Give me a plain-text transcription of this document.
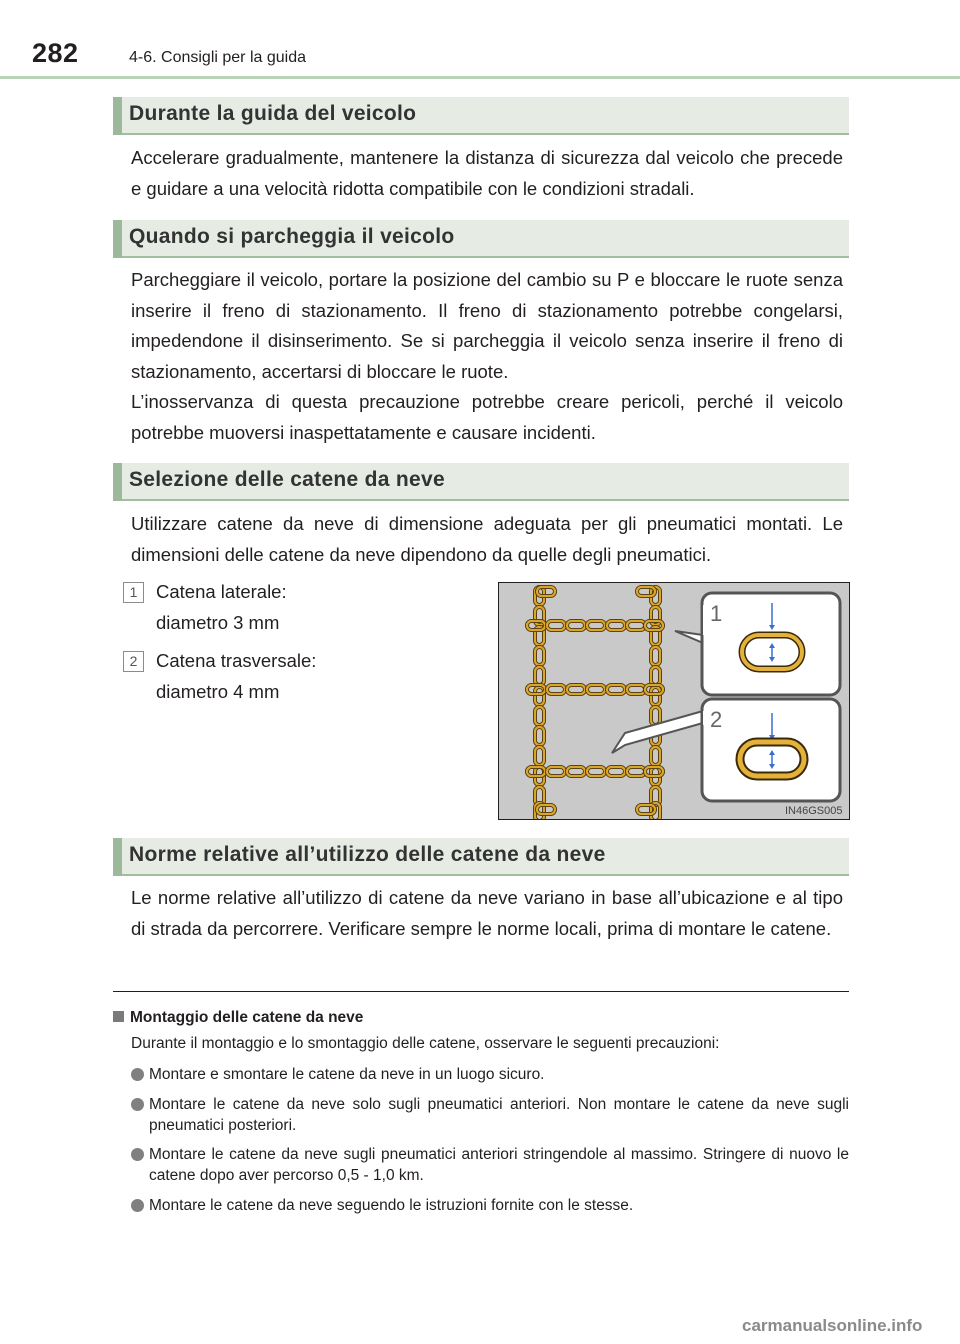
282	4-6. Consigli per la guida
Durante la guida del veicolo

Accelerare gradualmente, mantenere la distanza di sicurezza dal veicolo che precede e guidare a una velocità ridotta compatibile con le condizioni stradali.

Quando si parcheggia il veicolo

Parcheggiare il veicolo, portare la posizione del cambio su P e bloccare le ruote senza inserire il freno di stazionamento. Il freno di stazionamento potrebbe congelarsi, impedendone il disinserimento. Se si parcheggia il veicolo senza inserire il freno di stazionamento, accertarsi di bloccare le ruote.

L’inosservanza di questa precauzione potrebbe creare pericoli, perché il veicolo potrebbe muoversi inaspettatamente e causare incidenti.

Selezione delle catene da neve

Utilizzare catene da neve di dimensione adeguata per gli pneumatici montati. Le dimensioni delle catene da neve dipendono da quelle degli pneumatici.

1	Catena laterale:
diametro 3 mm
2	Catena trasversale:
diametro 4 mm
1
2
IN46GS005
Norme relative all’utilizzo delle catene da neve

Le norme relative all’utilizzo di catene da neve variano in base all’ubicazione e al tipo di strada da percorrere. Verificare sempre le norme locali, prima di montare le catene.

Montaggio delle catene da neve
Durante il montaggio e lo smontaggio delle catene, osservare le seguenti precauzioni:
Montare e smontare le catene da neve in un luogo sicuro.
Montare le catene da neve solo sugli pneumatici anteriori. Non montare le catene da neve sugli pneumatici posteriori.
Montare le catene da neve sugli pneumatici anteriori stringendole al massimo. Stringere di nuovo le catene dopo aver percorso 0,5 - 1,0 km.
Montare le catene da neve seguendo le istruzioni fornite con le stesse.
carmanualsonline.info
